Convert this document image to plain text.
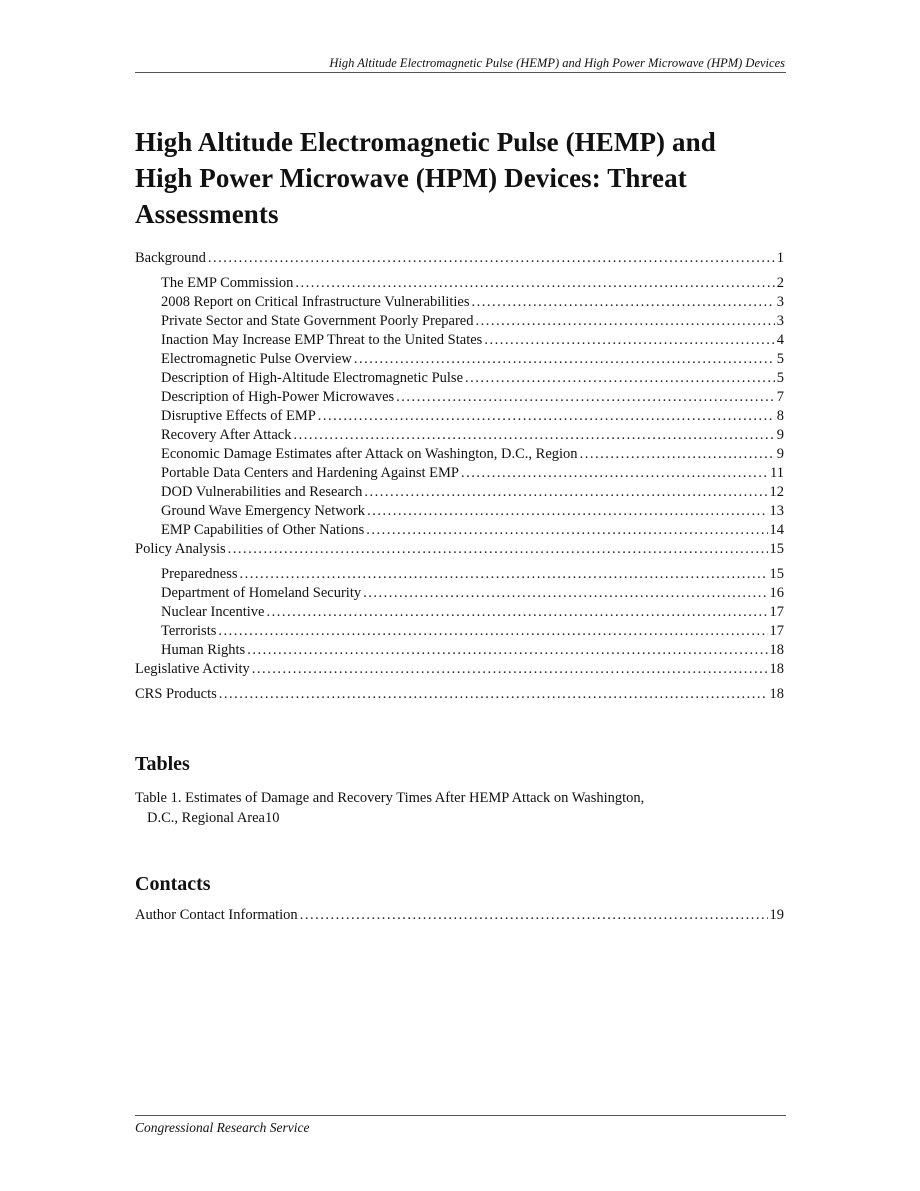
High Altitude Electromagnetic Pulse (HEMP) and High Power Microwave (HPM) Devices
High Altitude Electromagnetic Pulse (HEMP) and
High Power Microwave (HPM) Devices: Threat
Assessments
Background .....	1
The EMP Commission .....	2
2008 Report on Critical Infrastructure Vulnerabilities .....	3
Private Sector and State Government Poorly Prepared .....	3
Inaction May Increase EMP Threat to the United States .....	4
Electromagnetic Pulse Overview .....	5
Description of High-Altitude Electromagnetic Pulse .....	5
Description of High-Power Microwaves .....	7
Disruptive Effects of EMP .....	8
Recovery After Attack .....	9
Economic Damage Estimates after Attack on Washington, D.C., Region .....	9
Portable Data Centers and Hardening Against EMP .....	11
DOD Vulnerabilities and Research .....	12
Ground Wave Emergency Network .....	13
EMP Capabilities of Other Nations .....	14
Policy Analysis .....	15
Preparedness .....	15
Department of Homeland Security .....	16
Nuclear Incentive .....	17
Terrorists .....	17
Human Rights .....	18
Legislative Activity .....	18
CRS Products .....	18
Tables
Table 1. Estimates of Damage and Recovery Times After HEMP Attack on Washington,
D.C., Regional Area 10
Contacts
Author Contact Information .....	19
Congressional Research Service
